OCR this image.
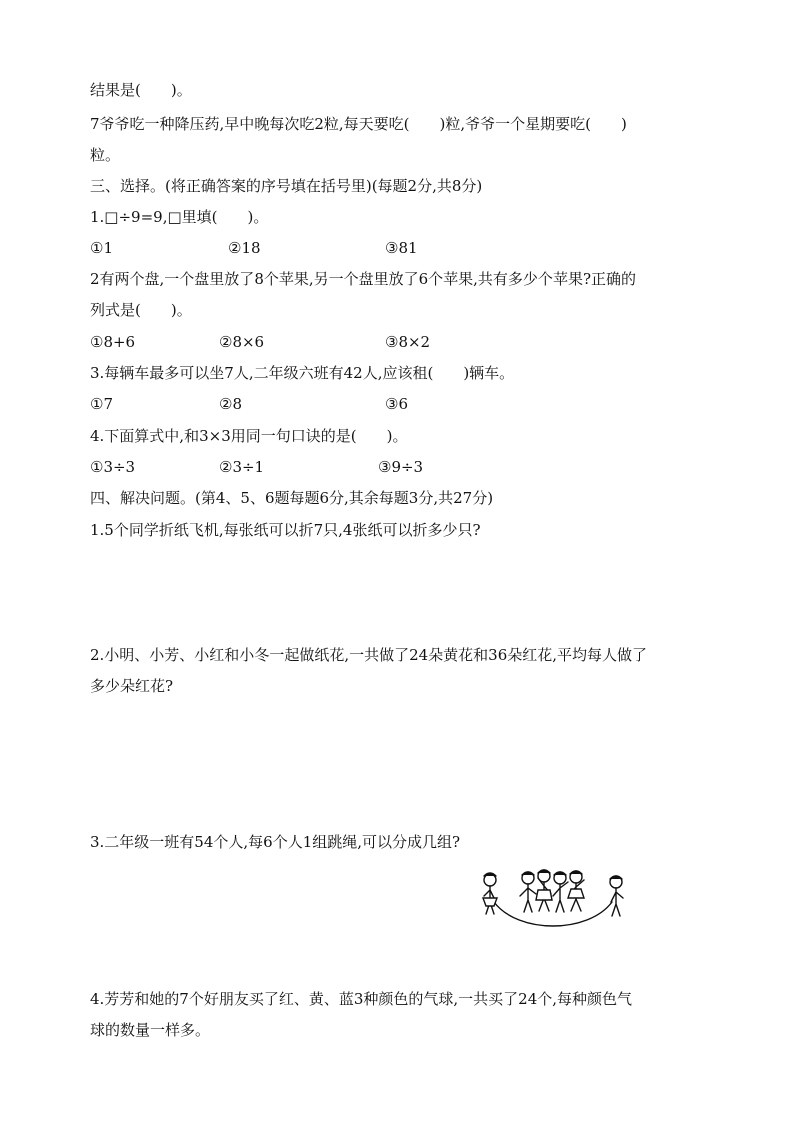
结果是(　　)。
7爷爷吃一种降压药,早中晚每次吃2粒,每天要吃(　　)粒,爷爷一个星期要吃(　　)
粒。
三、选择。(将正确答案的序号填在括号里)(每题2分,共8分)
1.□÷9=9,□里填(　　)。
①1	②18	③81
2有两个盘,一个盘里放了8个苹果,另一个盘里放了6个苹果,共有多少个苹果?正确的
列式是(　　)。
①8+6	②8×6	③8×2
3.每辆车最多可以坐7人,二年级六班有42人,应该租(　　)辆车。
①7	②8	③6
4.下面算式中,和3×3用同一句口诀的是(　　)。
①3÷3	②3÷1	③9÷3
四、解决问题。(第4、5、6题每题6分,其余每题3分,共27分)
1.5个同学折纸飞机,每张纸可以折7只,4张纸可以折多少只?
2.小明、小芳、小红和小冬一起做纸花,一共做了24朵黄花和36朵红花,平均每人做了
多少朵红花?
3.二年级一班有54个人,每6个人1组跳绳,可以分成几组?
4.芳芳和她的7个好朋友买了红、黄、蓝3种颜色的气球,一共买了24个,每种颜色气
球的数量一样多。
